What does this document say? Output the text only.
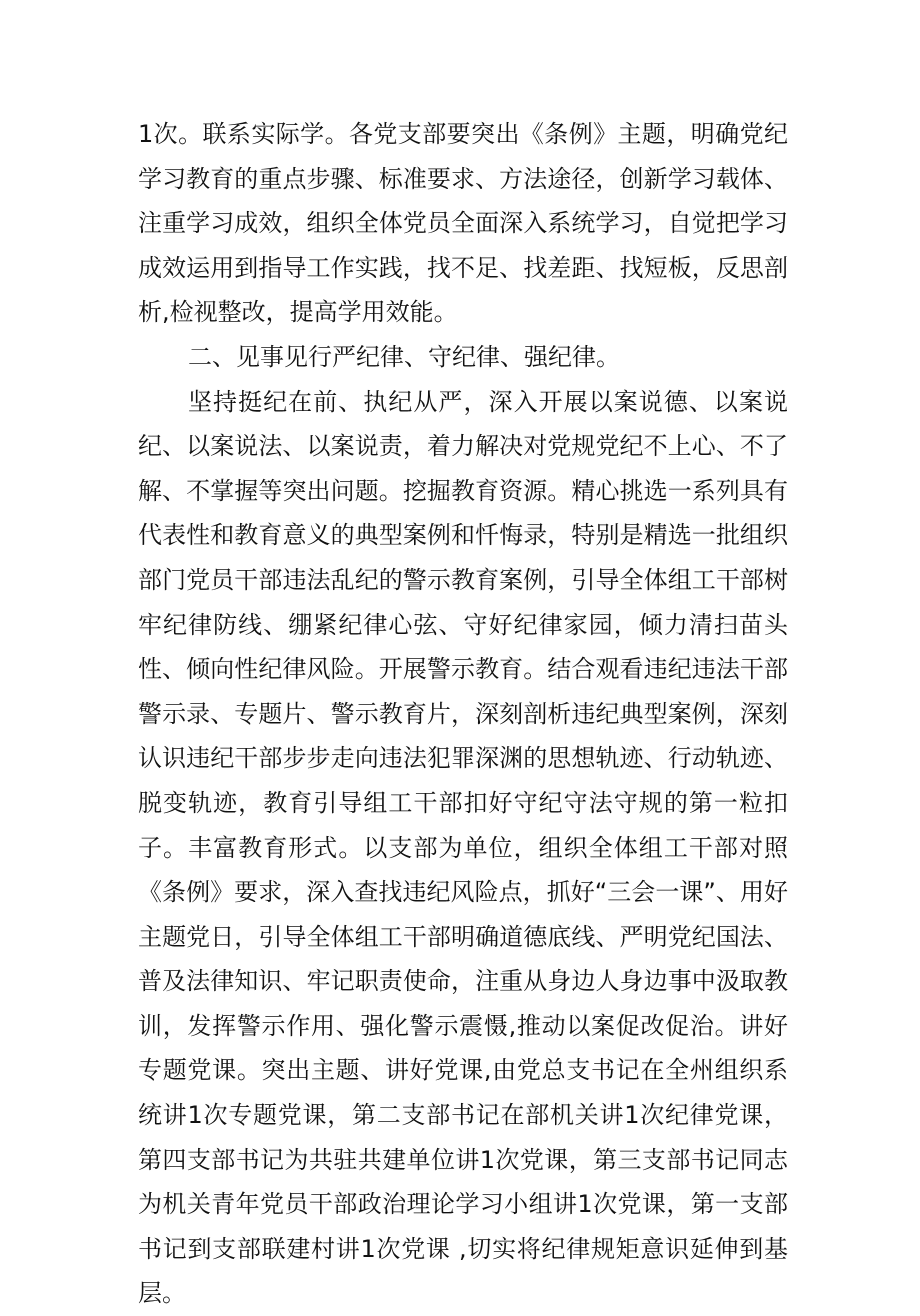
1次。联系实际学。各党支部要突出《条例》主题，明确党纪学习教育的重点步骤、标准要求、方法途径，创新学习载体、注重学习成效，组织全体党员全面深入系统学习，自觉把学习成效运用到指导工作实践，找不足、找差距、找短板，反思剖析,检视整改，提高学用效能。

二、见事见行严纪律、守纪律、强纪律。

坚持挺纪在前、执纪从严，深入开展以案说德、以案说纪、以案说法、以案说责，着力解决对党规党纪不上心、不了解、不掌握等突出问题。挖掘教育资源。精心挑选一系列具有代表性和教育意义的典型案例和忏悔录，特别是精选一批组织部门党员干部违法乱纪的警示教育案例，引导全体组工干部树牢纪律防线、绷紧纪律心弦、守好纪律家园，倾力清扫苗头性、倾向性纪律风险。开展警示教育。结合观看违纪违法干部警示录、专题片、警示教育片，深刻剖析违纪典型案例，深刻认识违纪干部步步走向违法犯罪深渊的思想轨迹、行动轨迹、脱变轨迹，教育引导组工干部扣好守纪守法守规的第一粒扣子。丰富教育形式。以支部为单位，组织全体组工干部对照《条例》要求，深入查找违纪风险点，抓好“三会一课”、用好主题党日，引导全体组工干部明确道德底线、严明党纪国法、普及法律知识、牢记职责使命，注重从身边人身边事中汲取教训，发挥警示作用、强化警示震慑,推动以案促改促治。讲好专题党课。突出主题、讲好党课,由党总支书记在全州组织系统讲1次专题党课，第二支部书记在部机关讲1次纪律党课，第四支部书记为共驻共建单位讲1次党课，第三支部书记同志为机关青年党员干部政治理论学习小组讲1次党课，第一支部书记到支部联建村讲1次党课 ,切实将纪律规矩意识延伸到基层。
